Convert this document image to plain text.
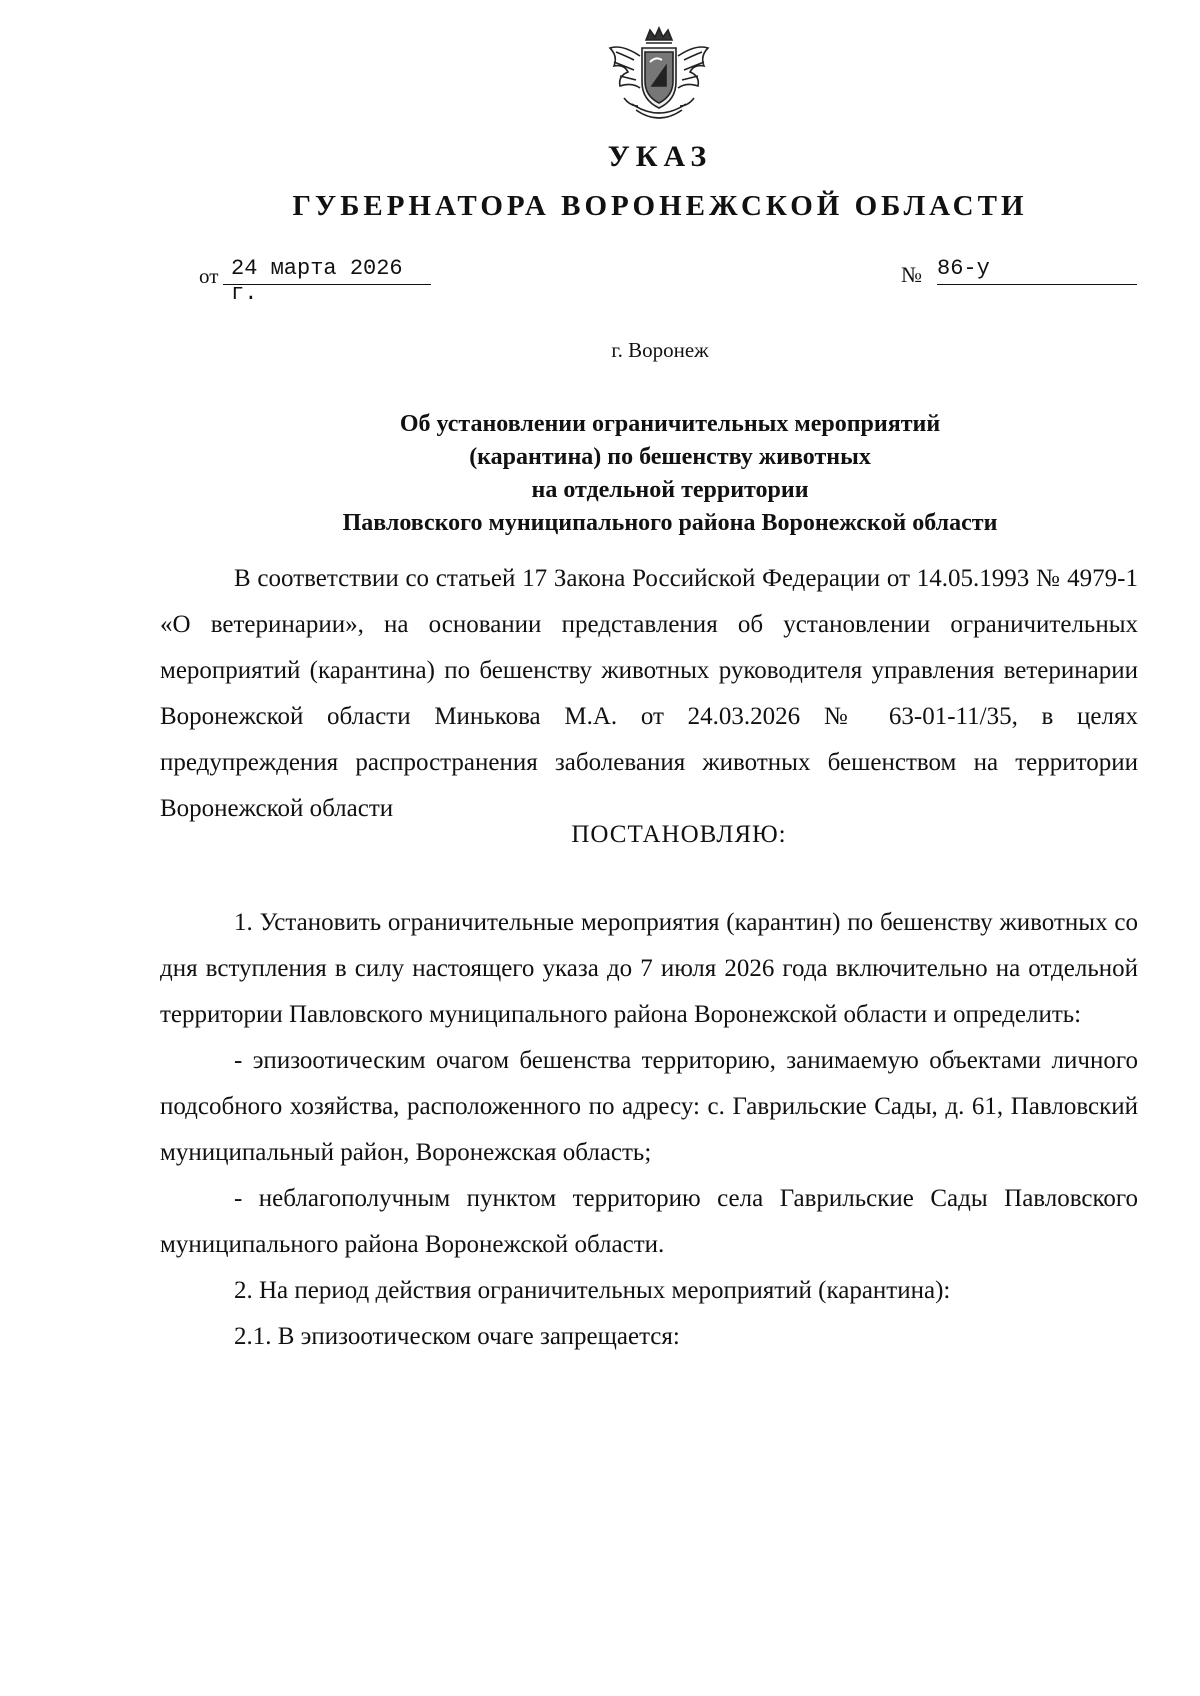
УКАЗ
ГУБЕРНАТОРА ВОРОНЕЖСКОЙ ОБЛАСТИ
от 24 марта 2026 г.
№ 86-у
г. Воронеж
Об установлении ограничительных мероприятий
(карантина) по бешенству животных
на отдельной территории
Павловского муниципального района Воронежской области

В соответствии со статьей 17 Закона Российской Федерации от 14.05.1993 № 4979-1 «О ветеринарии», на основании представления об установлении ограничительных мероприятий (карантина) по бешенству животных руководителя управления ветеринарии Воронежской области Минькова М.А. от 24.03.2026 № 63-01-11/35, в целях предупреждения распространения заболевания животных бешенством на территории Воронежской области

ПОСТАНОВЛЯЮ:

1. Установить ограничительные мероприятия (карантин) по бешенству животных со дня вступления в силу настоящего указа до 7 июля 2026 года включительно на отдельной территории Павловского муниципального района Воронежской области и определить:

- эпизоотическим очагом бешенства территорию, занимаемую объектами личного подсобного хозяйства, расположенного по адресу: с. Гаврильские Сады, д. 61, Павловский муниципальный район, Воронежская область;

- неблагополучным пунктом территорию села Гаврильские Сады Павловского муниципального района Воронежской области.

2. На период действия ограничительных мероприятий (карантина):

2.1. В эпизоотическом очаге запрещается:
